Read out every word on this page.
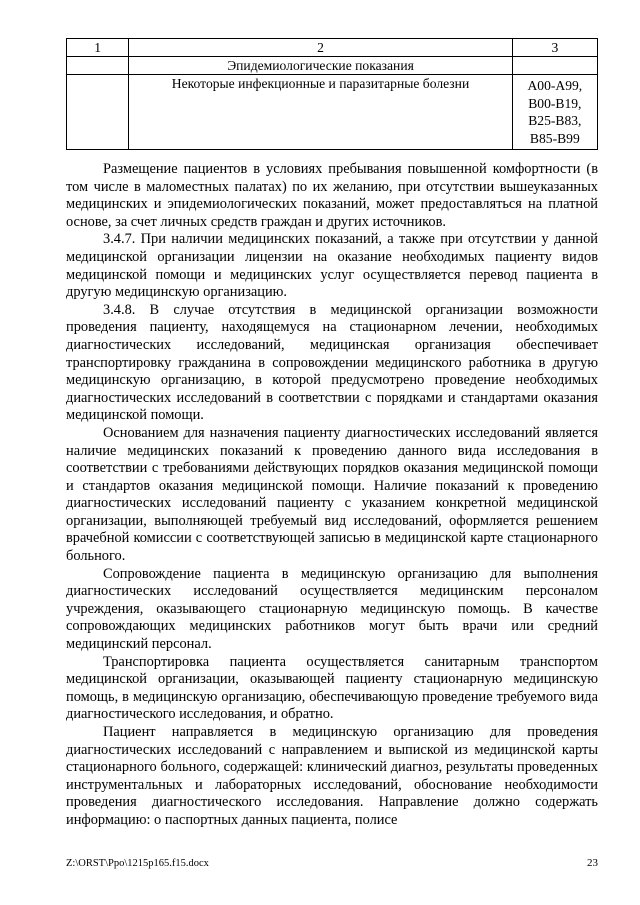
1	2	3
	Эпидемиологические показания	
	Некоторые инфекционные и паразитарные болезни	А00-А99,
В00-В19,
В25-В83,
В85-В99

Размещение пациентов в условиях пребывания повышенной комфортности (в том числе в маломестных палатах) по их желанию, при отсутствии вышеуказанных медицинских и эпидемиологических показаний, может предоставляться на платной основе, за счет личных средств граждан и других источников.

3.4.7. При наличии медицинских показаний, а также при отсутствии у данной медицинской организации лицензии на оказание необходимых пациенту видов медицинской помощи и медицинских услуг осуществляется перевод пациента в другую медицинскую организацию.

3.4.8. В случае отсутствия в медицинской организации возможности проведения пациенту, находящемуся на стационарном лечении, необходимых диагностических исследований, медицинская организация обеспечивает транспортировку гражданина в сопровождении медицинского работника в другую медицинскую организацию, в которой предусмотрено проведение необходимых диагностических исследований в соответствии с порядками и стандартами оказания медицинской помощи.

Основанием для назначения пациенту диагностических исследований является наличие медицинских показаний к проведению данного вида исследования в соответствии с требованиями действующих порядков оказания медицинской помощи и стандартов оказания медицинской помощи. Наличие показаний к проведению диагностических исследований пациенту с указанием конкретной медицинской организации, выполняющей требуемый вид исследований, оформляется решением врачебной комиссии с соответствующей записью в медицинской карте стационарного больного.

Сопровождение пациента в медицинскую организацию для выполнения диагностических исследований осуществляется медицинским персоналом учреждения, оказывающего стационарную медицинскую помощь. В качестве сопровождающих медицинских работников могут быть врачи или средний медицинский персонал.

Транспортировка пациента осуществляется санитарным транспортом медицинской организации, оказывающей пациенту стационарную медицинскую помощь, в медицинскую организацию, обеспечивающую проведение требуемого вида диагностического исследования, и обратно.

Пациент направляется в медицинскую организацию для проведения диагностических исследований с направлением и выпиской из медицинской карты стационарного больного, содержащей: клинический диагноз, результаты проведенных инструментальных и лабораторных исследований, обоснование необходимости проведения диагностического исследования. Направление должно содержать информацию: о паспортных данных пациента, полисе

Z:\ORST\Ppo\1215p165.f15.docx	23
